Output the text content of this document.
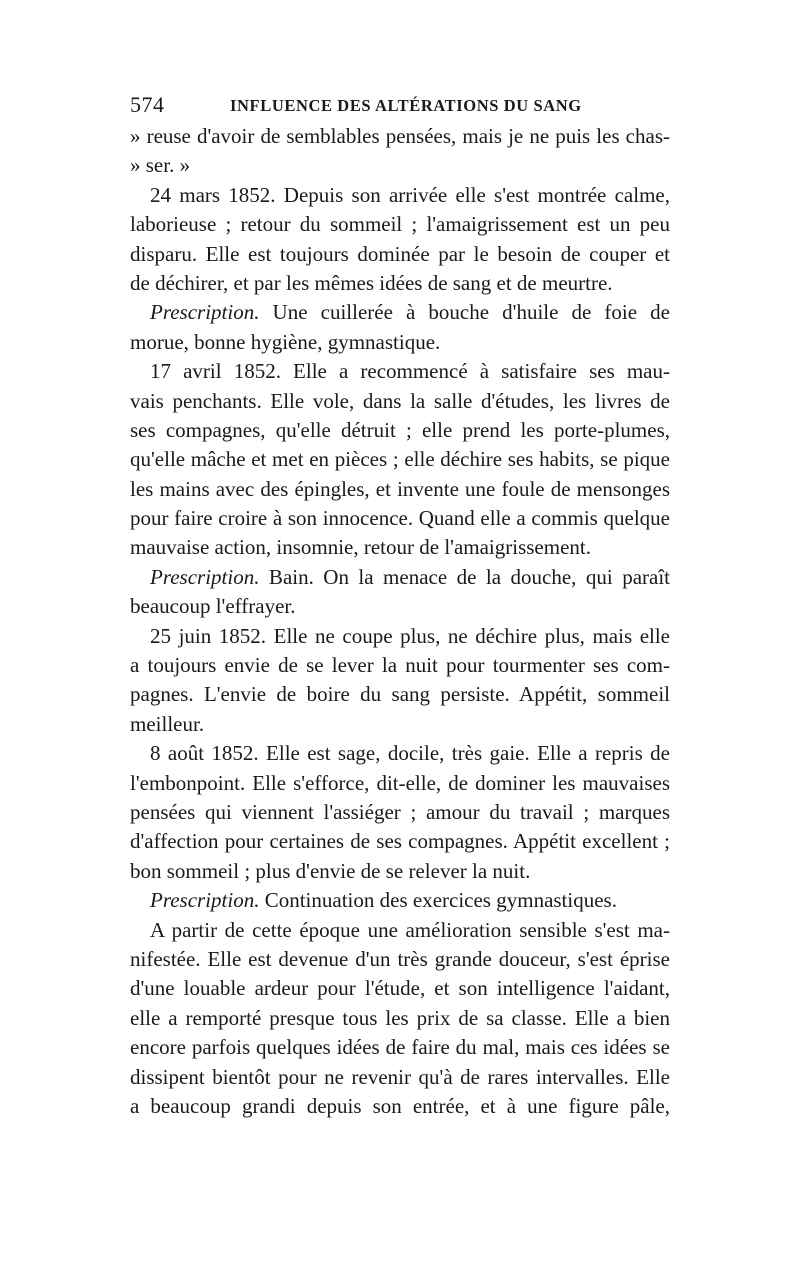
574	INFLUENCE DES ALTÉRATIONS DU SANG
» reuse d'avoir de semblables pensées, mais je ne puis les chas-
» ser. »
24 mars 1852. Depuis son arrivée elle s'est montrée calme,
laborieuse ; retour du sommeil ; l'amaigrissement est un peu
disparu. Elle est toujours dominée par le besoin de couper et
de déchirer, et par les mêmes idées de sang et de meurtre.
Prescription. Une cuillerée à bouche d'huile de foie de
morue, bonne hygiène, gymnastique.
17 avril 1852. Elle a recommencé à satisfaire ses mau-
vais penchants. Elle vole, dans la salle d'études, les livres de
ses compagnes, qu'elle détruit ; elle prend les porte-plumes,
qu'elle mâche et met en pièces ; elle déchire ses habits, se pique
les mains avec des épingles, et invente une foule de mensonges
pour faire croire à son innocence. Quand elle a commis quelque
mauvaise action, insomnie, retour de l'amaigrissement.
Prescription. Bain. On la menace de la douche, qui paraît
beaucoup l'effrayer.
25 juin 1852. Elle ne coupe plus, ne déchire plus, mais elle
a toujours envie de se lever la nuit pour tourmenter ses com-
pagnes. L'envie de boire du sang persiste. Appétit, sommeil
meilleur.
8 août 1852. Elle est sage, docile, très gaie. Elle a repris de
l'embonpoint. Elle s'efforce, dit-elle, de dominer les mauvaises
pensées qui viennent l'assiéger ; amour du travail ; marques
d'affection pour certaines de ses compagnes. Appétit excellent ;
bon sommeil ; plus d'envie de se relever la nuit.
Prescription. Continuation des exercices gymnastiques.
A partir de cette époque une amélioration sensible s'est ma-
nifestée. Elle est devenue d'un très grande douceur, s'est éprise
d'une louable ardeur pour l'étude, et son intelligence l'aidant,
elle a remporté presque tous les prix de sa classe. Elle a bien
encore parfois quelques idées de faire du mal, mais ces idées se
dissipent bientôt pour ne revenir qu'à de rares intervalles. Elle
a beaucoup grandi depuis son entrée, et à une figure pâle,
